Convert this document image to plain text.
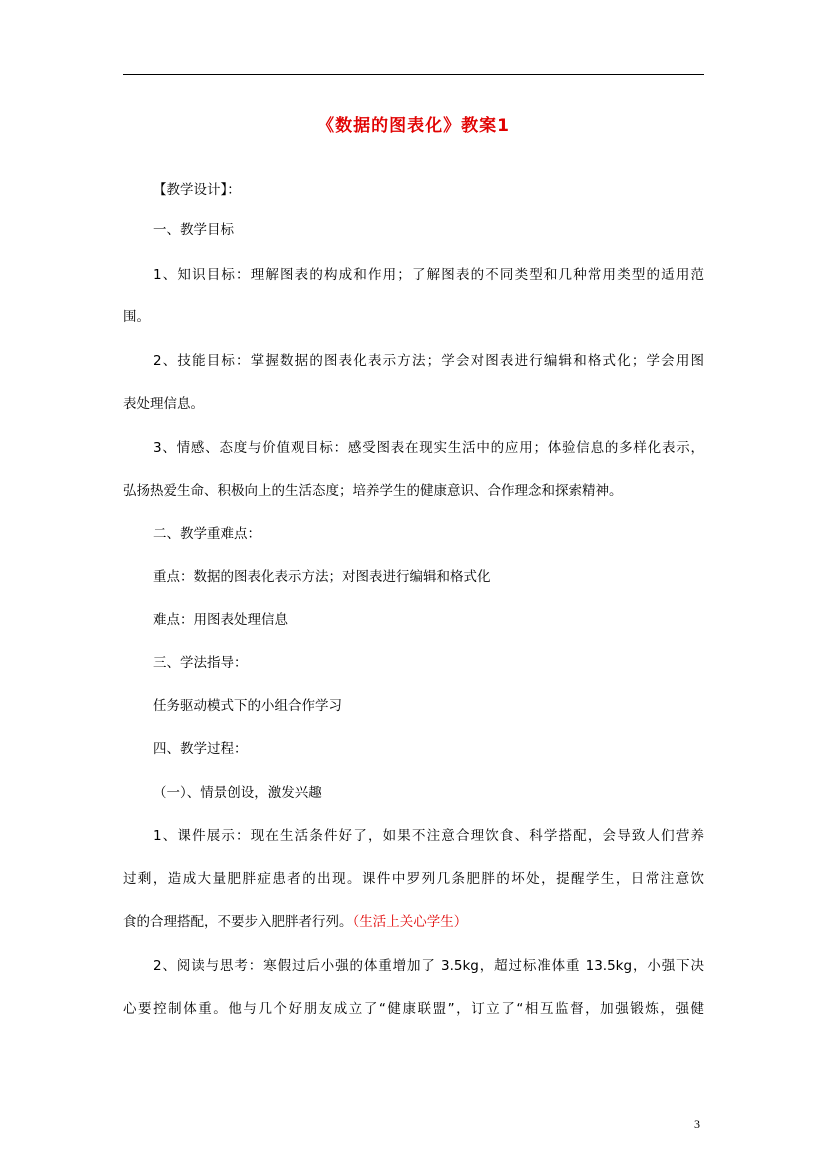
《数据的图表化》教案1
【教学设计】：
一、教学目标
1、知识目标：理解图表的构成和作用；了解图表的不同类型和几种常用类型的适用范
围。
2、技能目标：掌握数据的图表化表示方法；学会对图表进行编辑和格式化；学会用图
表处理信息。
3、情感、态度与价值观目标：感受图表在现实生活中的应用；体验信息的多样化表示，
弘扬热爱生命、积极向上的生活态度；培养学生的健康意识、合作理念和探索精神。
二、教学重难点：
重点：数据的图表化表示方法；对图表进行编辑和格式化
难点：用图表处理信息
三、学法指导：
任务驱动模式下的小组合作学习
四、教学过程：
（一）、情景创设，激发兴趣
1、课件展示：现在生活条件好了，如果不注意合理饮食、科学搭配，会导致人们营养
过剩，造成大量肥胖症患者的出现。课件中罗列几条肥胖的坏处，提醒学生，日常注意饮
食的合理搭配，不要步入肥胖者行列。（生活上关心学生）
2、阅读与思考：寒假过后小强的体重增加了 3.5kg，超过标准体重 13.5kg，小强下决
心要控制体重。他与几个好朋友成立了“健康联盟”，订立了“相互监督，加强锻炼，强健
3
